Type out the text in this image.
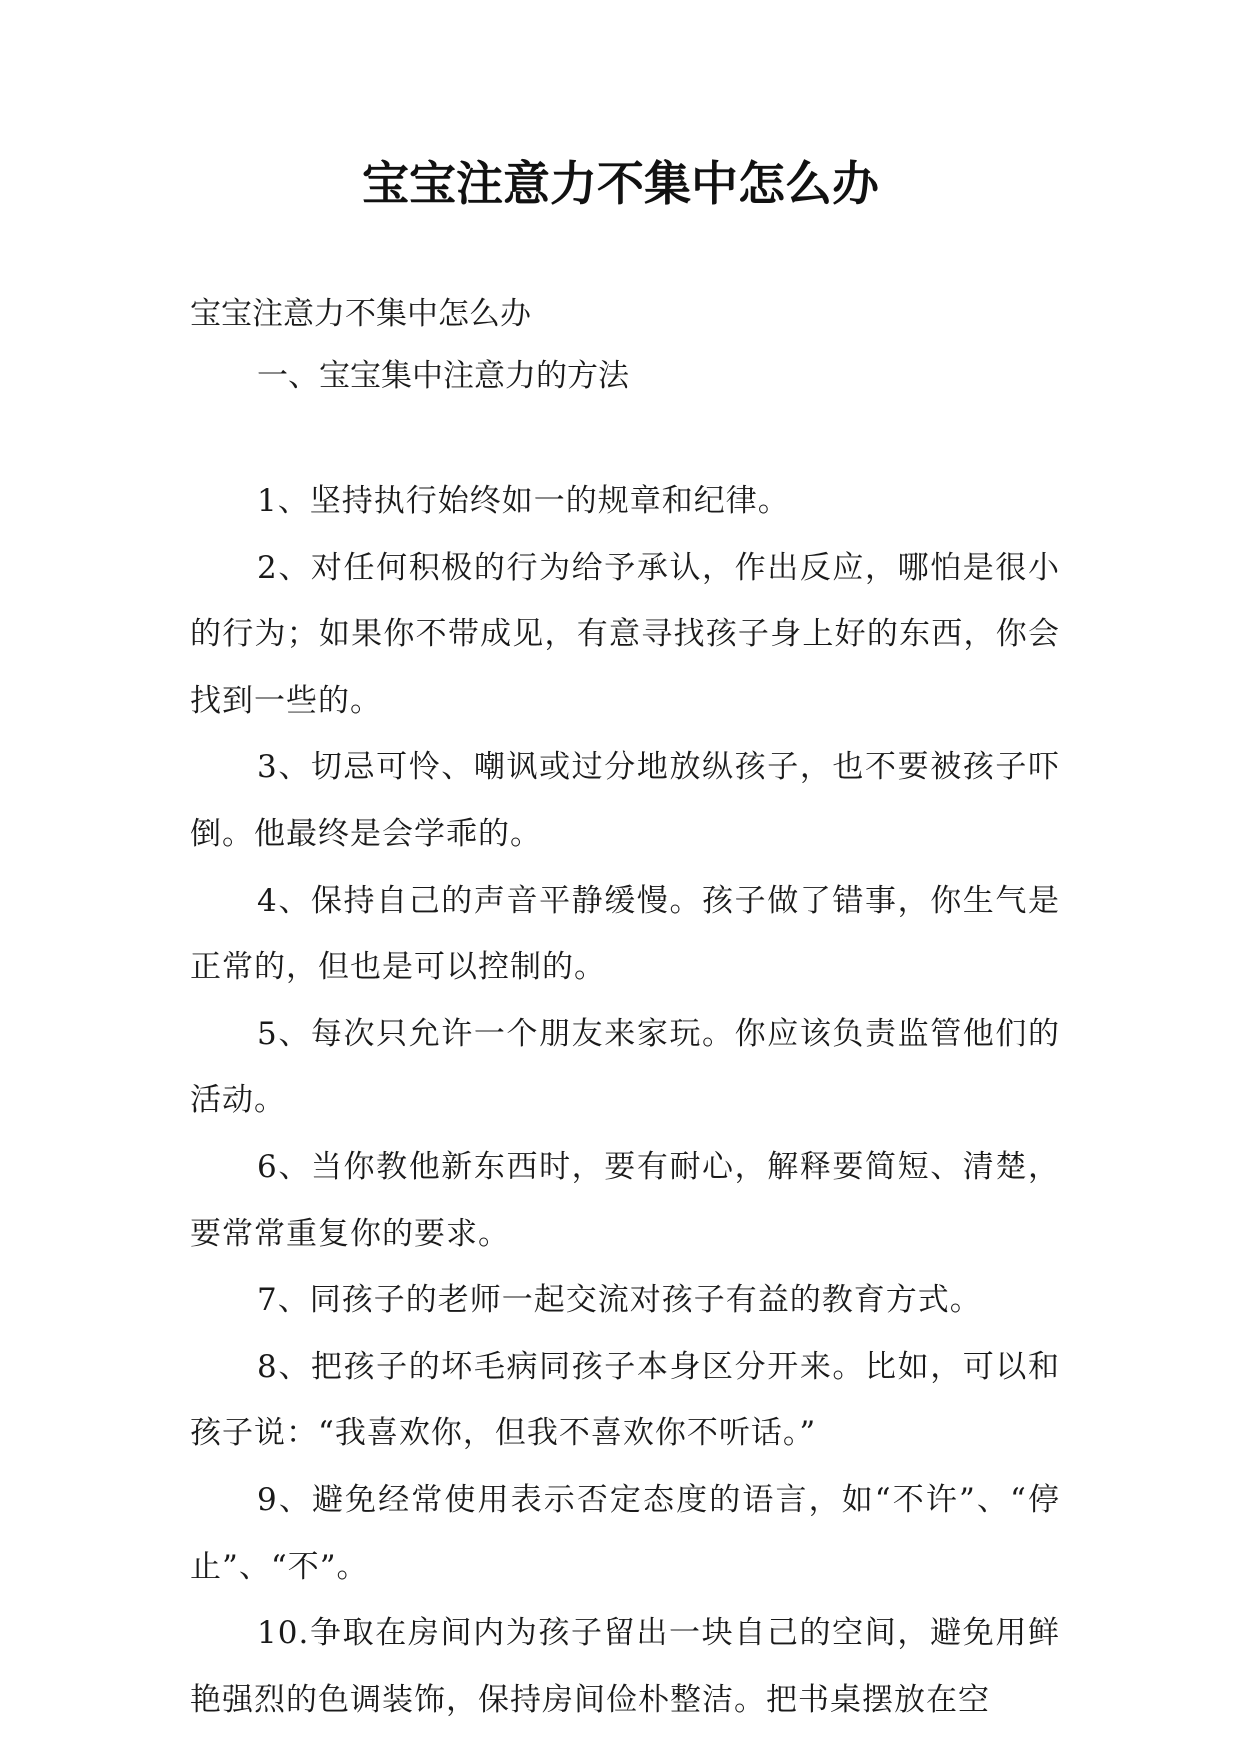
宝宝注意力不集中怎么办
宝宝注意力不集中怎么办
一、宝宝集中注意力的方法

1、坚持执行始终如一的规章和纪律。

2、对任何积极的行为给予承认，作出反应，哪怕是很小的行为；如果你不带成见，有意寻找孩子身上好的东西，你会找到一些的。

3、切忌可怜、嘲讽或过分地放纵孩子，也不要被孩子吓倒。他最终是会学乖的。

4、保持自己的声音平静缓慢。孩子做了错事，你生气是正常的，但也是可以控制的。

5、每次只允许一个朋友来家玩。你应该负责监管他们的活动。

6、当你教他新东西时，要有耐心，解释要简短、清楚，要常常重复你的要求。

7、同孩子的老师一起交流对孩子有益的教育方式。

8、把孩子的坏毛病同孩子本身区分开来。比如，可以和孩子说：“我喜欢你，但我不喜欢你不听话。”

9、避免经常使用表示否定态度的语言，如“不许”、“停止”、“不”。

10.争取在房间内为孩子留出一块自己的空间，避免用鲜艳强烈的色调装饰，保持房间俭朴整洁。把书桌摆放在空
